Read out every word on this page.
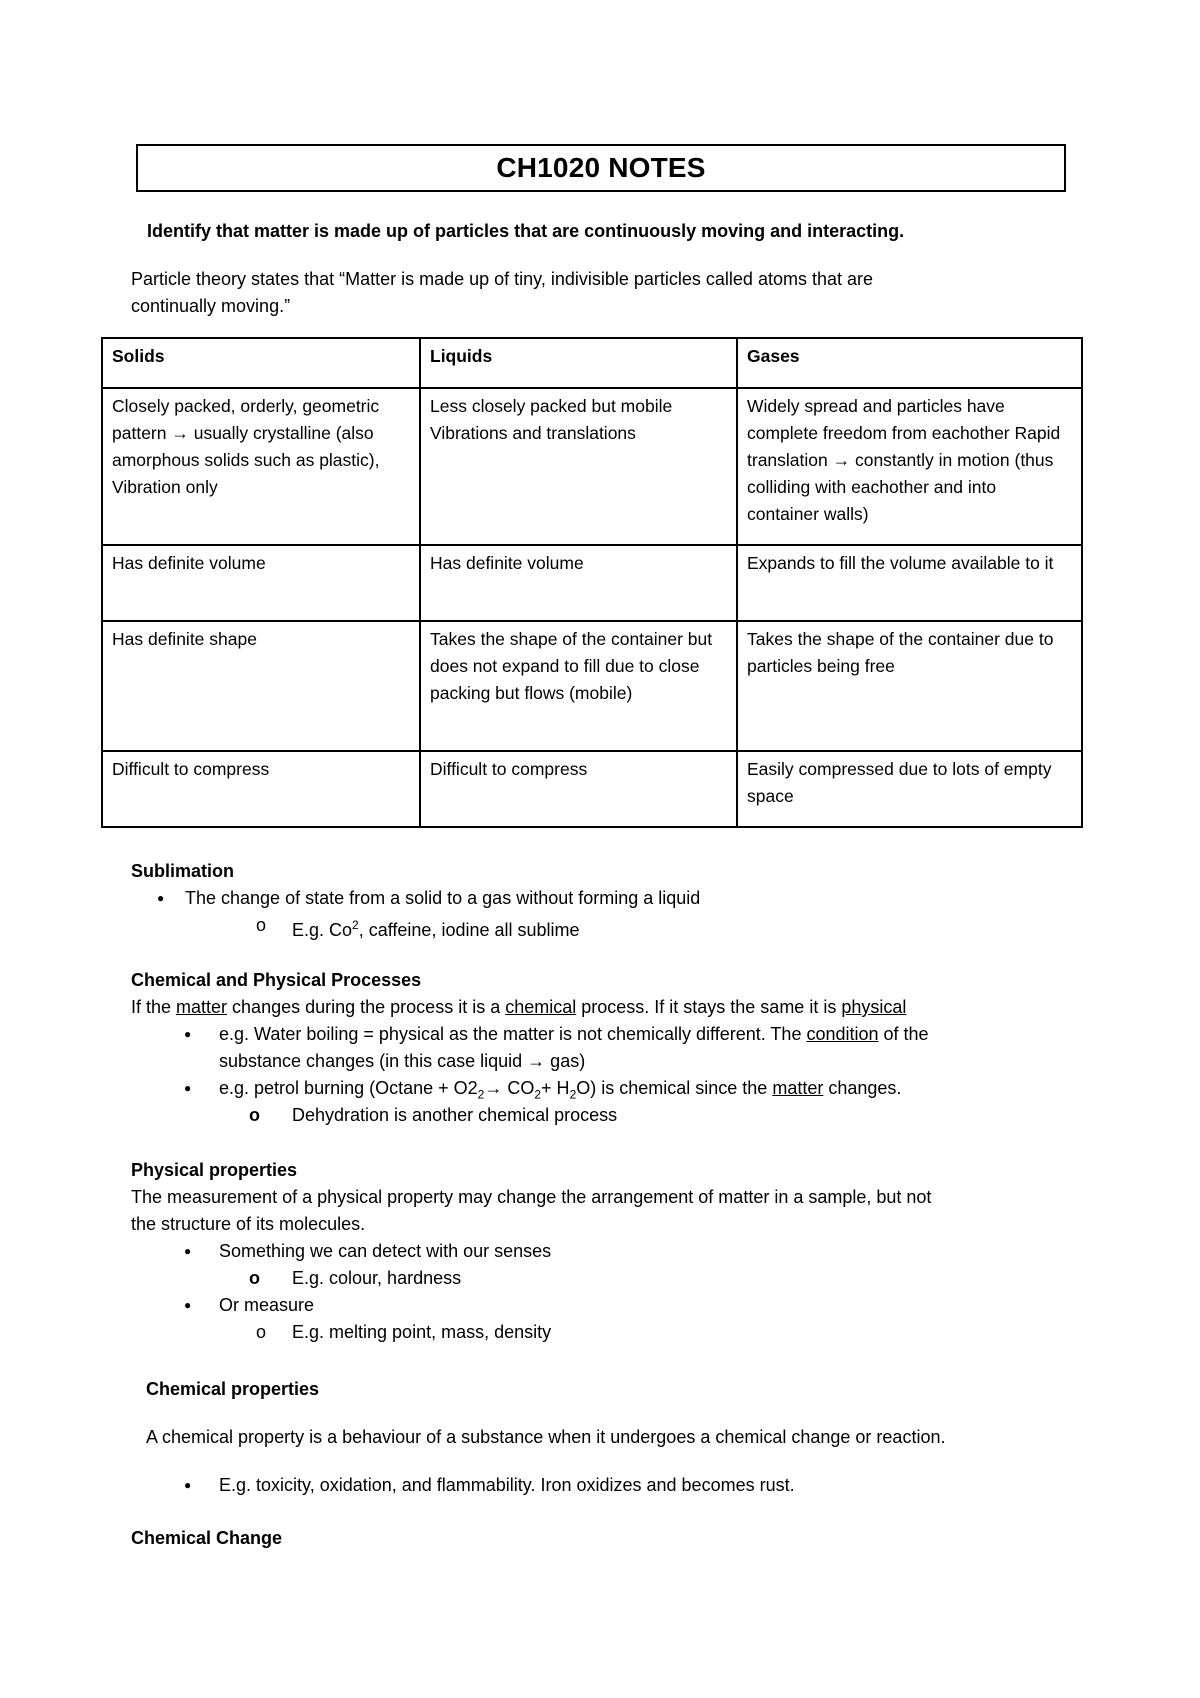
CH1020 NOTES
Identify that matter is made up of particles that are continuously moving and interacting.
Particle theory states that “Matter is made up of tiny, indivisible particles called atoms that are
continually moving.”
Solids	Liquids	Gases
Closely packed, orderly, geometric pattern → usually crystalline (also amorphous solids such as plastic), Vibration only	Less closely packed but mobile Vibrations and translations	Widely spread and particles have complete freedom from eachother Rapid translation → constantly in motion (thus colliding with eachother and into container walls)
Has definite volume	Has definite volume	Expands to fill the volume available to it
Has definite shape	Takes the shape of the container but does not expand to fill due to close packing but flows (mobile)	Takes the shape of the container due to particles being free
Difficult to compress	Difficult to compress	Easily compressed due to lots of empty space
Sublimation
● The change of state from a solid to a gas without forming a liquid
o E.g. Co$^2$, caffeine, iodine all sublime
Chemical and Physical Processes
If the matter changes during the process it is a chemical process. If it stays the same it is physical
● e.g. Water boiling = physical as the matter is not chemically different. The condition of the
substance changes (in this case liquid → gas)
● e.g. petrol burning $(Octane + O2_2\to CO_2+ H_2O)$ is chemical since the matter changes.
o Dehydration is another chemical process
Physical properties
The measurement of a physical property may change the arrangement of matter in a sample, but not
the structure of its molecules.
● Something we can detect with our senses
o E.g. colour, hardness
● Or measure
o E.g. melting point, mass, density
Chemical properties
A chemical property is a behaviour of a substance when it undergoes a chemical change or reaction.
● E.g. toxicity, oxidation, and flammability. Iron oxidizes and becomes rust.
Chemical Change
